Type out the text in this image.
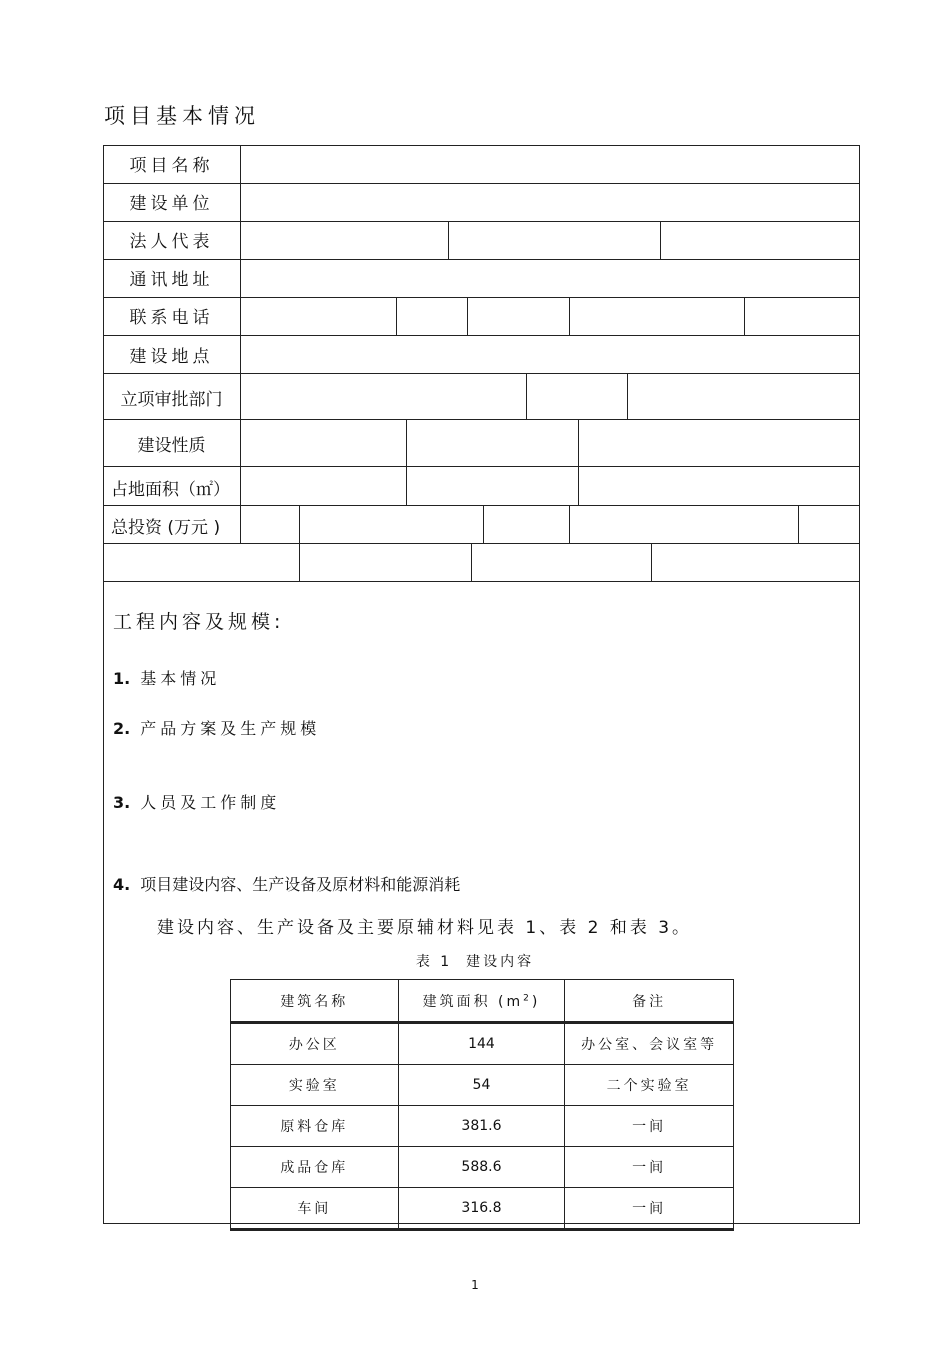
项目基本情况
项目名称
建设单位
法人代表
通讯地址
联系电话
建设地点
立项审批部门
建设性质
占地面积（㎡）
总投资 (万元 )
工程内容及规模:
1. 基本情况
2. 产品方案及生产规模
3. 人员及工作制度
4. 项目建设内容、生产设备及原材料和能源消耗
建设内容、生产设备及主要原辅材料见表 1、表 2 和表 3。
表 1 建设内容
建筑名称	建筑面积 $(m^2)$	备注
办公区	144	办公室、会议室等
实验室	54	二个实验室
原料仓库	381.6	一间
成品仓库	588.6	一间
车间	316.8	一间
1
